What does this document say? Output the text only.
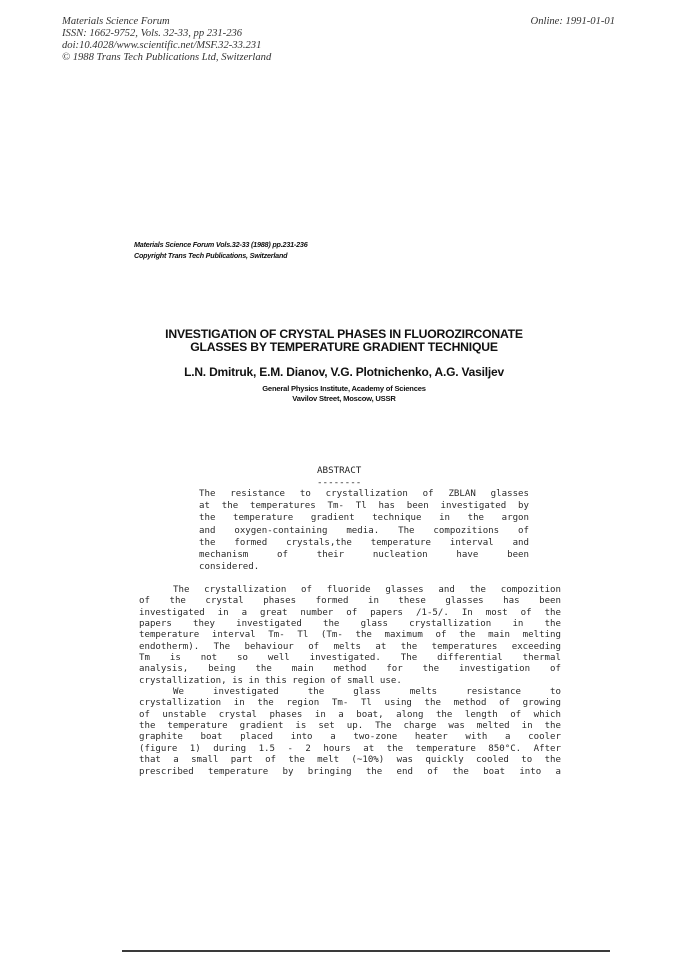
Materials Science Forum
ISSN: 1662-9752, Vols. 32-33, pp 231-236
doi:10.4028/www.scientific.net/MSF.32-33.231
© 1988 Trans Tech Publications Ltd, Switzerland
Online: 1991-01-01
Materials Science Forum Vols.32-33 (1988) pp.231-236
Copyright Trans Tech Publications, Switzerland
INVESTIGATION OF CRYSTAL PHASES IN FLUOROZIRCONATE
GLASSES BY TEMPERATURE GRADIENT TECHNIQUE
L.N. Dmitruk, E.M. Dianov, V.G. Plotnichenko, A.G. Vasiljev
General Physics Institute, Academy of Sciences
Vavilov Street, Moscow, USSR
ABSTRACT
--------
The resistance to crystallization of ZBLAN glasses
at the temperatures Tm- Tl has been investigated by
the temperature gradient technique in the argon
and oxygen-containing media. The compozitions of
the formed crystals,the temperature interval and
mechanism of their nucleation have been
considered.
The crystallization of fluoride glasses and the compozition
of the crystal phases formed in these glasses has been
investigated in a great number of papers /1-5/. In most of the
papers they investigated the glass crystallization in the
temperature interval Tm- Tl (Tm- the maximum of the main melting
endotherm). The behaviour of melts at the temperatures exceeding
Tm is not so well investigated. The differential thermal
analysis, being the main method for the investigation of
crystallization, is in this region of small use.
We investigated the glass melts resistance to
crystallization in the region Tm- Tl using the method of growing
of unstable crystal phases in a boat, along the length of which
the temperature gradient is set up. The charge was melted in the
graphite boat placed into a two-zone heater with a cooler
(figure 1) during 1.5 - 2 hours at the temperature 850°C. After
that a small part of the melt (~10%) was quickly cooled to the
prescribed temperature by bringing the end of the boat into a
